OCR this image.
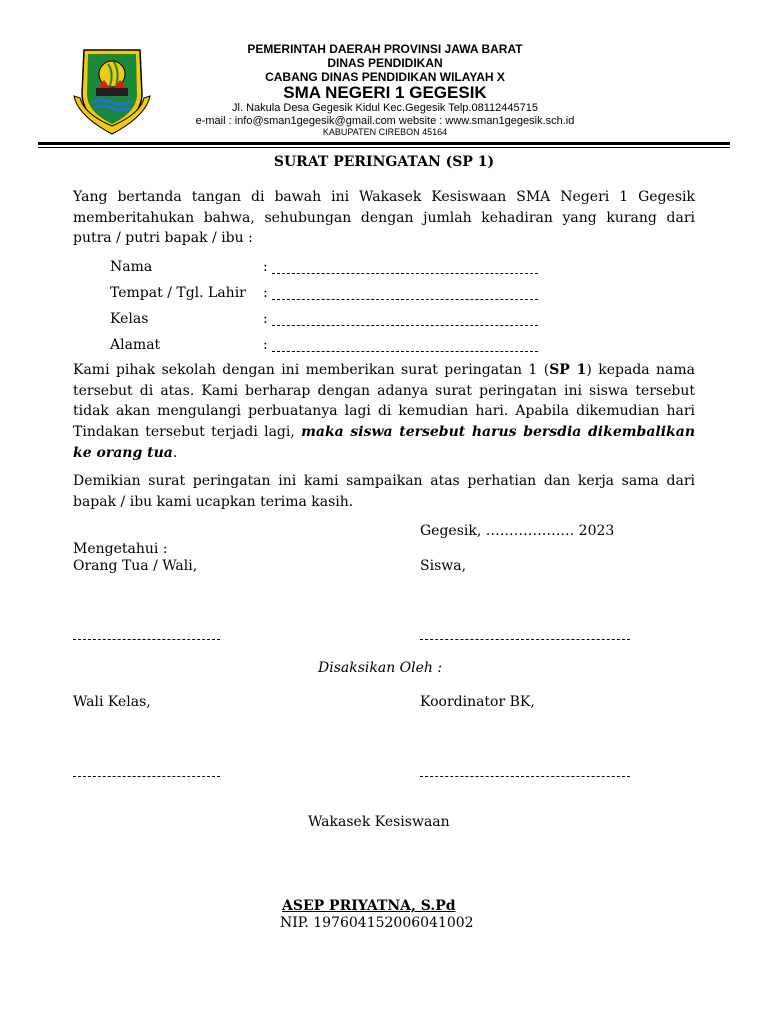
PEMERINTAH DAERAH PROVINSI JAWA BARAT
DINAS PENDIDIKAN
CABANG DINAS PENDIDIKAN WILAYAH X
SMA NEGERI 1 GEGESIK
Jl. Nakula Desa Gegesik Kidul Kec.Gegesik Telp.08112445715
e-mail : info@sman1gegesik@gmail.com website : www.sman1gegesik.sch.id
KABUPATEN CIREBON 45164
SURAT PERINGATAN (SP 1)
Yang bertanda tangan di bawah ini Wakasek Kesiswaan SMA Negeri 1 Gegesik memberitahukan bahwa, sehubungan dengan jumlah kehadiran yang kurang dari putra / putri bapak / ibu :
Nama	:
Tempat / Tgl. Lahir :
Kelas	:
Alamat	:
Kami pihak sekolah dengan ini memberikan surat peringatan 1 (SP 1) kepada nama tersebut di atas. Kami berharap dengan adanya surat peringatan ini siswa tersebut tidak akan mengulangi perbuatanya lagi di kemudian hari. Apabila dikemudian hari Tindakan tersebut terjadi lagi, maka siswa tersebut harus bersdia dikembalikan ke orang tua.
Demikian surat peringatan ini kami sampaikan atas perhatian dan kerja sama dari bapak / ibu kami ucapkan terima kasih.
Gegesik, ………………. 2023
Mengetahui :
Orang Tua / Wali,	Siswa,
Disaksikan Oleh :
Wali Kelas,	Koordinator BK,
Wakasek Kesiswaan
ASEP PRIYATNA, S.Pd
NIP. 197604152006041002
